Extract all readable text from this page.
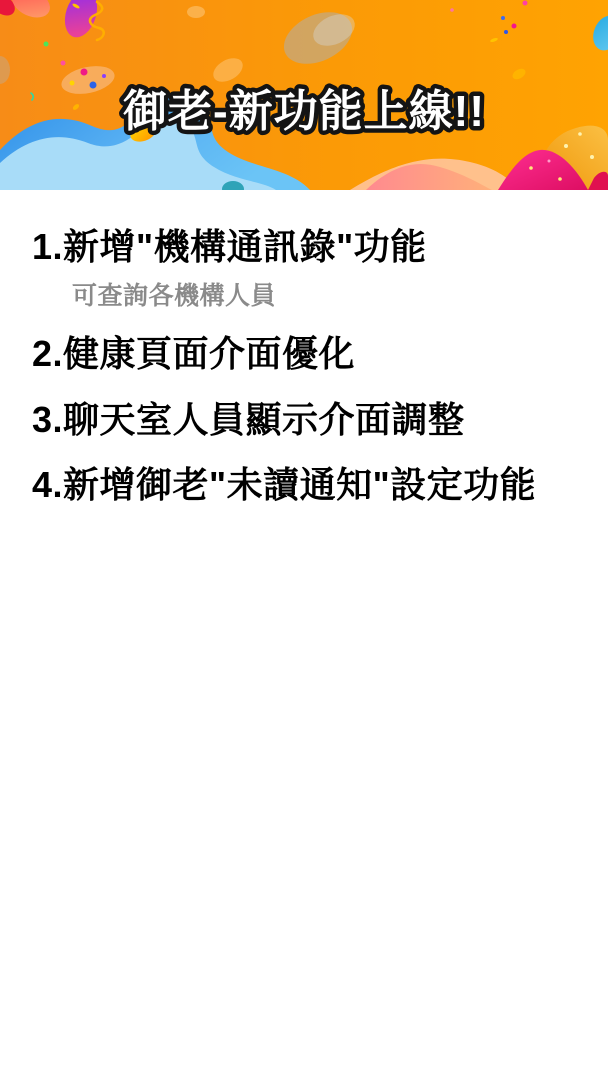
御老-新功能上線!!
1.新增"機構通訊錄"功能
可查詢各機構人員
2.健康頁面介面優化
3.聊天室人員顯示介面調整
4.新增御老"未讀通知"設定功能
